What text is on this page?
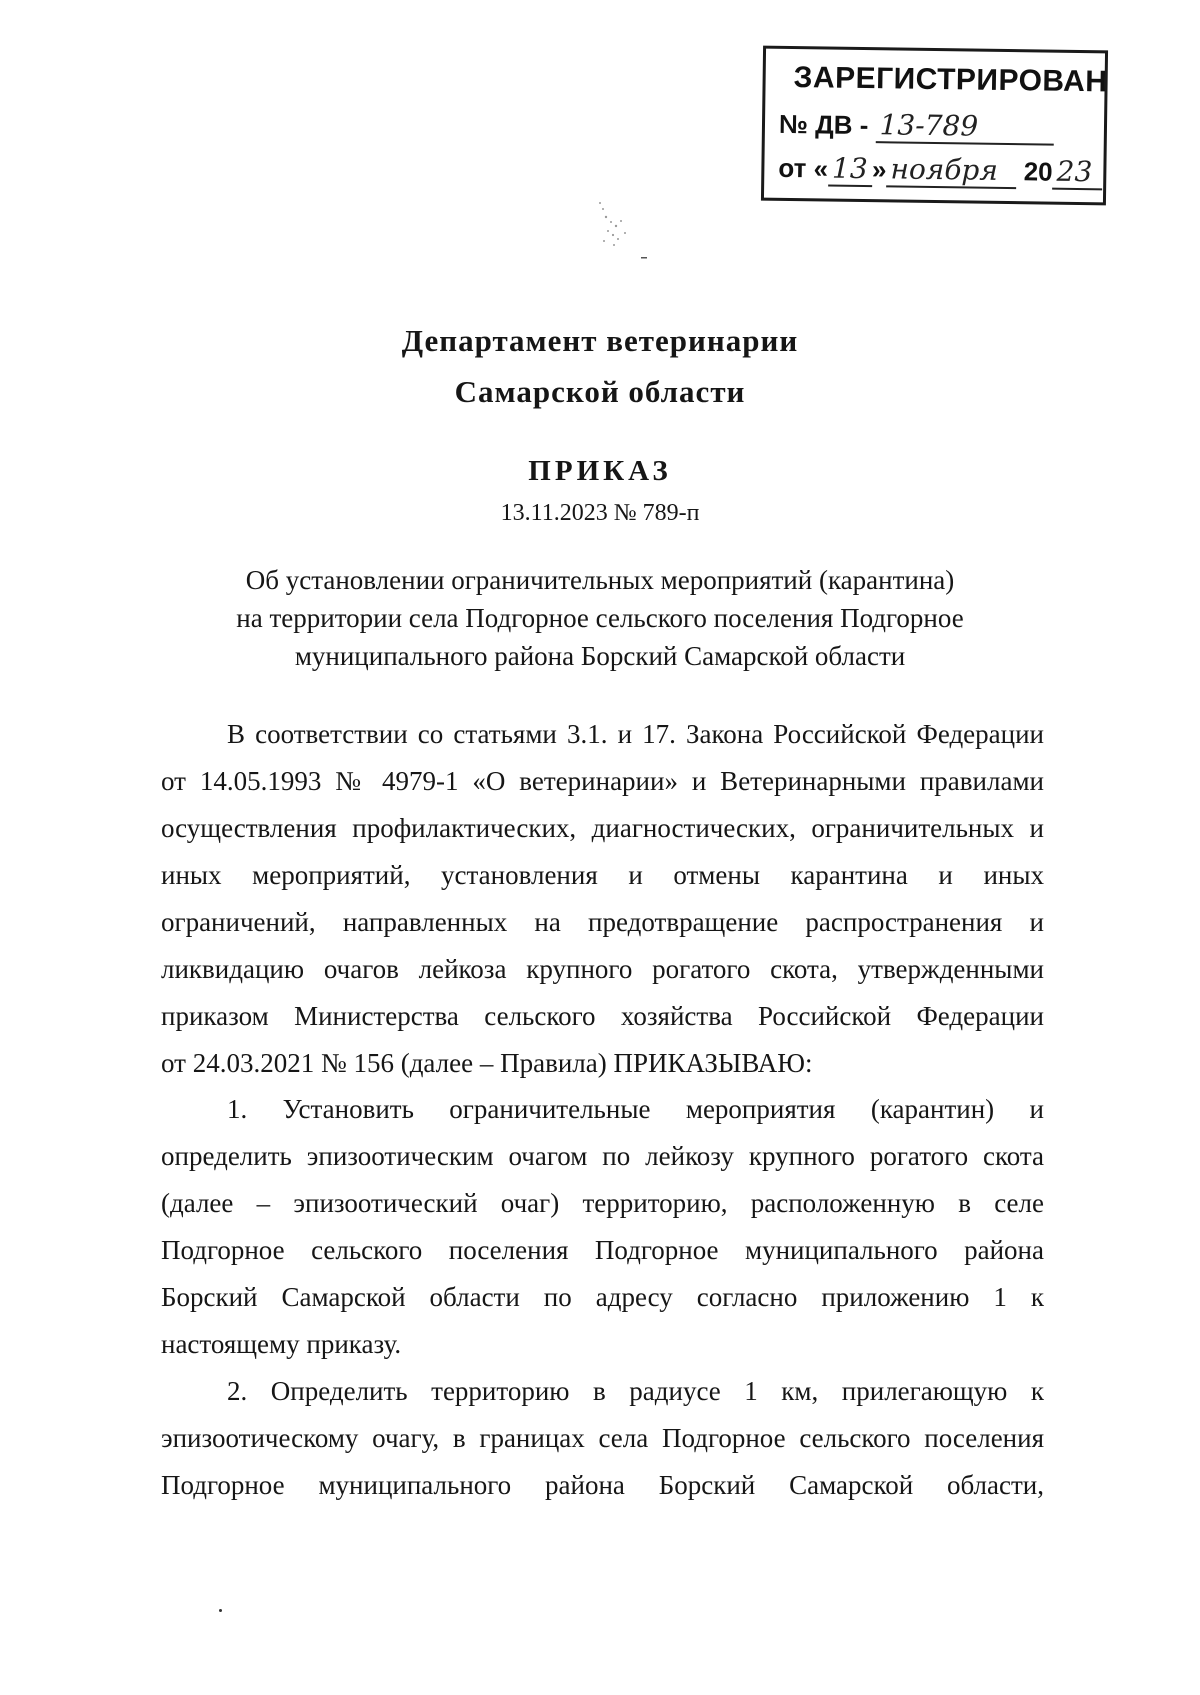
ЗАРЕГИСТРИРОВАН
№ ДВ - 13-789
от « 13 » ноября 20 23
Департамент ветеринарии
Самарской области
ПРИКАЗ
13.11.2023 № 789-п
Об установлении ограничительных мероприятий (карантина)
на территории села Подгорное сельского поселения Подгорное
муниципального района Борский Самарской области
В соответствии со статьями 3.1. и 17. Закона Российской Федерации
от 14.05.1993 № 4979-1 «О ветеринарии» и Ветеринарными правилами
осуществления профилактических, диагностических, ограничительных и
иных мероприятий, установления и отмены карантина и иных
ограничений, направленных на предотвращение распространения и
ликвидацию очагов лейкоза крупного рогатого скота, утвержденными
приказом Министерства сельского хозяйства Российской Федерации
от 24.03.2021 № 156 (далее – Правила) ПРИКАЗЫВАЮ:
1. Установить ограничительные мероприятия (карантин) и
определить эпизоотическим очагом по лейкозу крупного рогатого скота
(далее – эпизоотический очаг) территорию, расположенную в селе
Подгорное сельского поселения Подгорное муниципального района
Борский Самарской области по адресу согласно приложению 1 к
настоящему приказу.
2. Определить территорию в радиусе 1 км, прилегающую к
эпизоотическому очагу, в границах села Подгорное сельского поселения
Подгорное муниципального района Борский Самарской области,
